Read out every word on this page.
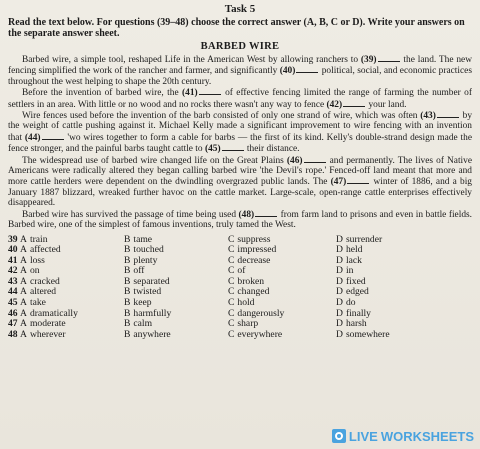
Task 5
Read the text below. For questions (39–48) choose the correct answer (A, B, C or D). Write your answers on the separate answer sheet.
BARBED WIRE

Barbed wire, a simple tool, reshaped Life in the American West by allowing ranchers to (39)	the land. The new fencing simplified the work of the rancher and farmer, and significantly (40)	political, social, and economic practices throughout the west helping to shape the 20th century.

Before the invention of barbed wire, the (41)	of effective fencing limited the range of farming the number of settlers in an area. With little or no wood and no rocks there wasn't any way to fence (42)	your land.

Wire fences used before the invention of the barb consisted of only one strand of wire, which was often (43)	by the weight of cattle pushing against it. Michael Kelly made a significant improvement to wire fencing with an invention that (44)	'wo wires together to form a cable for barbs — the first of its kind. Kelly's double-strand design made the fence stronger, and the painful barbs taught cattle to (45)	their distance.

The widespread use of barbed wire changed life on the Great Plains (46)	and permanently. The lives of Native Americans were radically altered they began calling barbed wire 'the Devil's rope.' Fenced-off land meant that more and more cattle herders were dependent on the dwindling overgrazed public lands. The (47)	winter of 1886, and a big January 1887 blizzard, wreaked further havoc on the cattle market. Large-scale, open-range cattle enterprises effectively disappeared.

Barbed wire has survived the passage of time being used (48)	from farm land to prisons and even in battle fields. Barbed wire, one of the simplest of famous inventions, truly tamed the West.

39 A train	B tame	C suppress	D surrender
40 A affected	B touched	C impressed	D held
41 A loss	B plenty	C decrease	D lack
42 A on	B off	C of	D in
43 A cracked	B separated	C broken	D fixed
44 A altered	B twisted	C changed	D edged
45 A take	B keep	C hold	D do
46 A dramatically	B harmfully	C dangerously	D finally
47 A moderate	B calm	C sharp	D harsh
48 A wherever	B anywhere	C everywhere	D somewhere
LIVE WORKSHEETS
